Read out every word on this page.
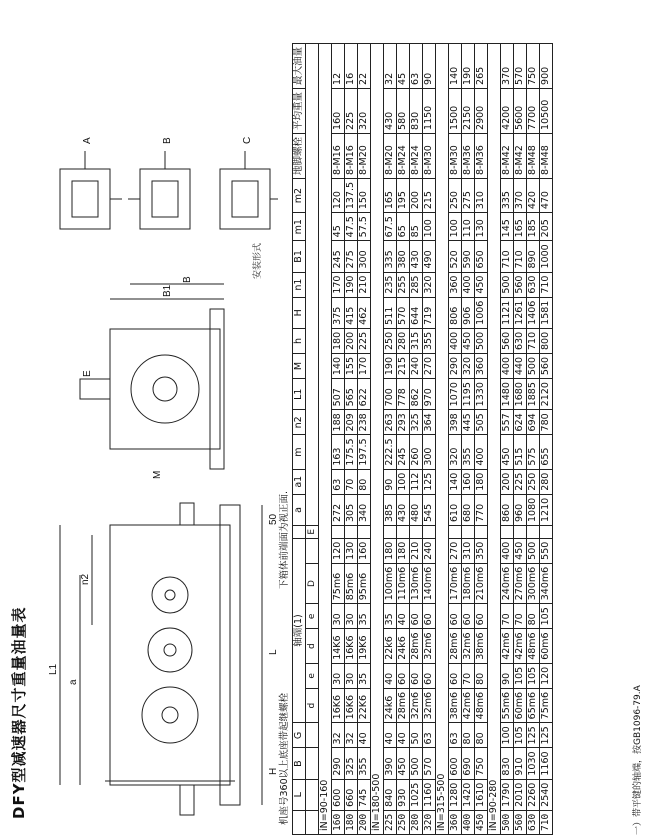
DFY型减速器尺寸重量油量表 L1
a
n2
L
H
50
B1
B
M
E
安装形式
A	B	C
机座号360以上底座带起继螺栓
下箱体前端面为视正面.
	L	B	G	轴端(1)							a	a1	m	n2	L1	M	h	H	n1	B1	m1	m2	地脚螺栓	平均重量	最大油量
				d	e	d	e	D		E															
iN=90-160																									
160	600	290	32	16K6	30	14K6	30	75m6	120		272	63	163	188	507	140	180	375	170	245	45	120	8-M16	160	12
180	660	325	32	16K6	30	16K6	30	85m6	130		305	70	175.5	209	565	155	200	415	190	275	47.5	137.5	8-M16	225	16
200	745	355	40	22K6	35	19K6	35	95m6	160		340	80	197.5	238	622	170	225	462	210	300	57.5	150	8-M20	320	22
iN=180-500																									
225	840	390	40	24k6	40	22k6	35	100m6	180		385	90	222.5	263	700	190	250	511	235	335	67.5	165	8-M20	430	32
250	930	450	40	28m6	60	24k6	40	110m6	180		430	100	245	293	778	215	280	570	255	380	65	195	8-M24	580	45
280	1025	500	50	32m6	60	28m6	60	130m6	210		480	112	260	325	862	240	315	644	285	430	85	200	8-M24	830	63
320	1160	570	63	32m6	60	32m6	60	140m6	240		545	125	300	364	970	270	355	719	320	490	100	215	8-M30	1150	90
iN=315-500																									
360	1280	600	63	38m6	60	28m6	60	170m6	270		610	140	320	398	1070	290	400	806	360	520	100	250	8-M30	1500	140
400	1420	690	80	42m6	70	32m6	60	180m6	310		680	160	355	445	1195	320	450	906	400	590	110	275	8-M36	2150	190
450	1610	750	80	48m6	80	38m6	60	210m6	350		770	180	400	505	1330	360	500	1006	450	650	130	310	8-M36	2900	265
iN=90-280																									
500	1790	830	100	55m6	90	42m6	70	240m6	400		860	200	450	557	1480	400	560	1121	500	710	145	335	8-M42	4200	370
560	2010	910	105	60m6	105	42m6	70	270m6	450		960	225	515	624	1680	440	630	1261	560	710	165	370	8-M42	5600	570
630	2260	1030	125	65m6	105	48m6	80	300m6	500		1080	250	575	694	1885	500	710	1406	630	890	185	420	8-M48	7700	750
710	2540	1160	125	75m6	120	60m6	105	340m6	550		1210	280	655	780	2120	560	800	1581	710	1000	205	470	8-M48	10500	900
一）带平键的轴端，按GB1096-79.A
